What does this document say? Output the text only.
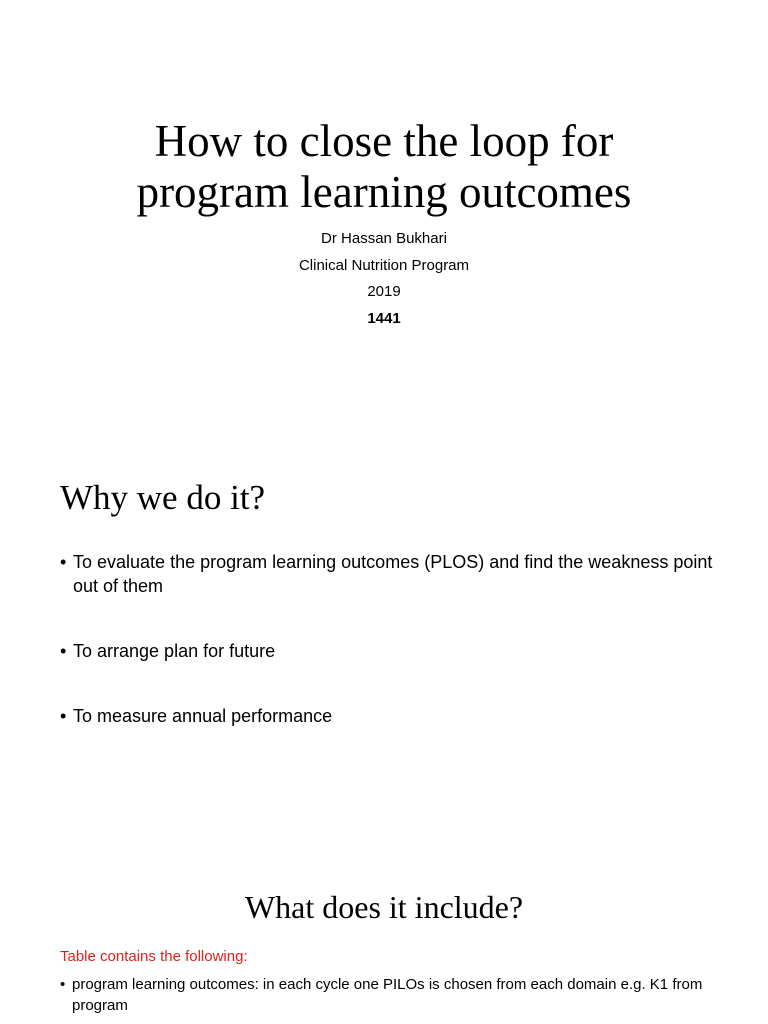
How to close the loop for
program learning outcomes
Dr Hassan Bukhari
Clinical Nutrition Program
2019
1441
Why we do it?
• To evaluate the program learning outcomes (PLOS) and find the weakness point out of them
• To arrange plan for future
• To measure annual performance
What does it include?
Table contains the following:
• program learning outcomes: in each cycle one PILOs is chosen from each domain e.g. K1 from program
